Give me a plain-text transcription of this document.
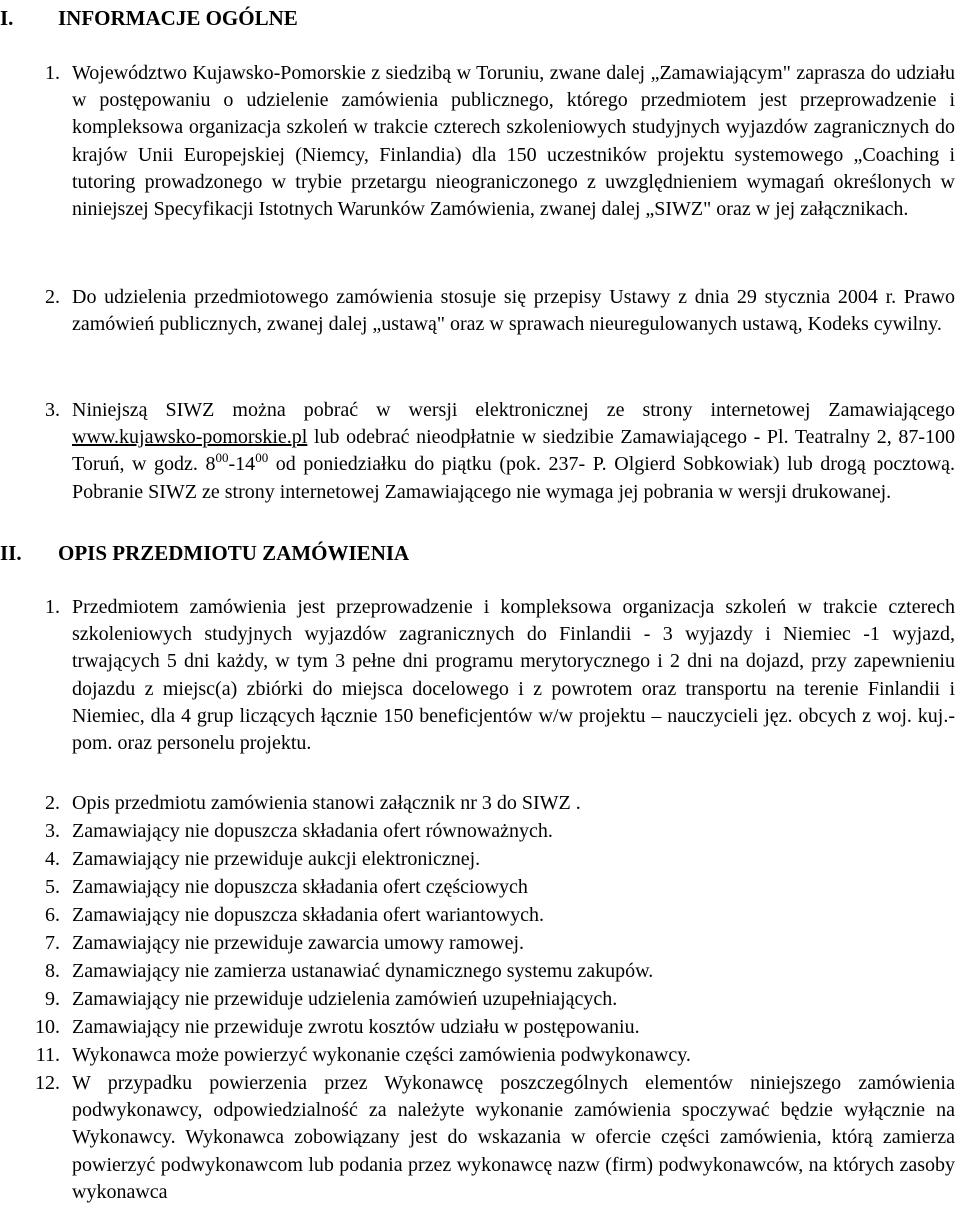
I. INFORMACJE OGÓLNE
1. Województwo Kujawsko-Pomorskie z siedzibą w Toruniu, zwane dalej „Zamawiającym" zaprasza do udziału w postępowaniu o udzielenie zamówienia publicznego, którego przedmiotem jest przeprowadzenie i kompleksowa organizacja szkoleń w trakcie czterech szkoleniowych studyjnych wyjazdów zagranicznych do krajów Unii Europejskiej (Niemcy, Finlandia) dla 150 uczestników projektu systemowego „Coaching i tutoring prowadzonego w trybie przetargu nieograniczonego z uwzględnieniem wymagań określonych w niniejszej Specyfikacji Istotnych Warunków Zamówienia, zwanej dalej „SIWZ" oraz w jej załącznikach.

2. Do udzielenia przedmiotowego zamówienia stosuje się przepisy Ustawy z dnia 29 stycznia 2004 r. Prawo zamówień publicznych, zwanej dalej „ustawą" oraz w sprawach nieuregulowanych ustawą, Kodeks cywilny.

3. Niniejszą SIWZ można pobrać w wersji elektronicznej ze strony internetowej Zamawiającego www.kujawsko-pomorskie.pl lub odebrać nieodpłatnie w siedzibie Zamawiającego - Pl. Teatralny 2, 87-100 Toruń, w godz. $8^{00}-14^{00}$ od poniedziałku do piątku (pok. 237- P. Olgierd Sobkowiak) lub drogą pocztową. Pobranie SIWZ ze strony internetowej Zamawiającego nie wymaga jej pobrania w wersji drukowanej.

II. OPIS PRZEDMIOTU ZAMÓWIENIA
1. Przedmiotem zamówienia jest przeprowadzenie i kompleksowa organizacja szkoleń w trakcie czterech szkoleniowych studyjnych wyjazdów zagranicznych do Finlandii - 3 wyjazdy i Niemiec -1 wyjazd, trwających 5 dni każdy, w tym 3 pełne dni programu merytorycznego i 2 dni na dojazd, przy zapewnieniu dojazdu z miejsc(a) zbiórki do miejsca docelowego i z powrotem oraz transportu na terenie Finlandii i Niemiec, dla 4 grup liczących łącznie 150 beneficjentów w/w projektu – nauczycieli jęz. obcych z woj. kuj.-pom. oraz personelu projektu.

2. Opis przedmiotu zamówienia stanowi załącznik nr 3 do SIWZ .

3. Zamawiający nie dopuszcza składania ofert równoważnych.

4. Zamawiający nie przewiduje aukcji elektronicznej.

5. Zamawiający nie dopuszcza składania ofert częściowych

6. Zamawiający nie dopuszcza składania ofert wariantowych.

7. Zamawiający nie przewiduje zawarcia umowy ramowej.

8. Zamawiający nie zamierza ustanawiać dynamicznego systemu zakupów.

9. Zamawiający nie przewiduje udzielenia zamówień uzupełniających.

10. Zamawiający nie przewiduje zwrotu kosztów udziału w postępowaniu.

11. Wykonawca może powierzyć wykonanie części zamówienia podwykonawcy.

12. W przypadku powierzenia przez Wykonawcę poszczególnych elementów niniejszego zamówienia podwykonawcy, odpowiedzialność za należyte wykonanie zamówienia spoczywać będzie wyłącznie na Wykonawcy. Wykonawca zobowiązany jest do wskazania w ofercie części zamówienia, którą zamierza powierzyć podwykonawcom lub podania przez wykonawcę nazw (firm) podwykonawców, na których zasoby wykonawca
